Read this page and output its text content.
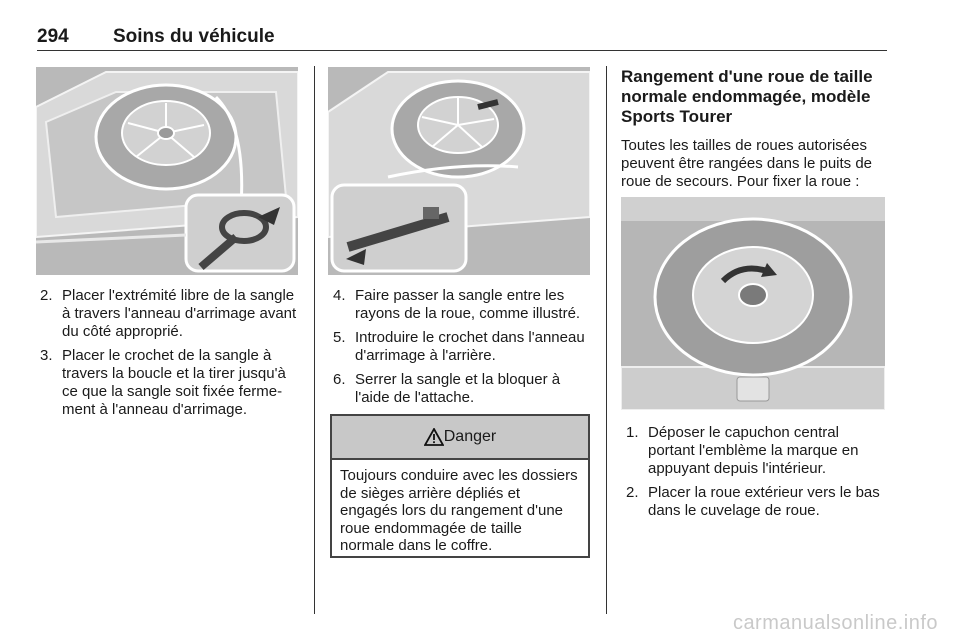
294 Soins du véhicule
2. Placer l'extrémité libre de la sangle à travers l'anneau d'arrimage avant du côté approprié.
3. Placer le crochet de la sangle à travers la boucle et la tirer jusqu'à ce que la sangle soit fixée fermement à l'anneau d'arrimage.
4. Faire passer la sangle entre les rayons de la roue, comme illustré.
5. Introduire le crochet dans l'anneau d'arrimage à l'arrière.
6. Serrer la sangle et la bloquer à l'aide de l'attache.
Danger
Toujours conduire avec les dossiers de sièges arrière dépliés et engagés lors du rangement d'une roue endommagée de taille normale dans le coffre.
Rangement d'une roue de taille normale endommagée, modèle Sports Tourer
Toutes les tailles de roues autorisées peuvent être rangées dans le puits de roue de secours. Pour fixer la roue :
1. Déposer le capuchon central portant l'emblème la marque en appuyant depuis l'intérieur.
2. Placer la roue extérieur vers le bas dans le cuvelage de roue.
carmanualsonline.info
